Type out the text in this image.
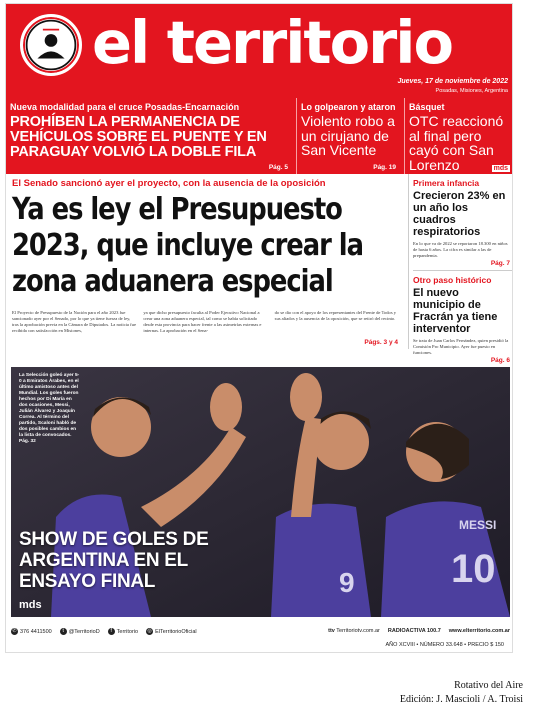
el territorio
Jueves, 17 de noviembre de 2022
Posadas, Misiones, Argentina
Nueva modalidad para el cruce Posadas-Encarnación
PROHÍBEN LA PERMANENCIA DE VEHÍCULOS SOBRE EL PUENTE Y EN PARAGUAY VOLVIÓ LA DOBLE FILA
Pág. 5
Lo golpearon y ataron
Violento robo a un cirujano de San Vicente
Pág. 19
Básquet
OTC reaccionó al final pero cayó con San Lorenzo	mds
El Senado sancionó ayer el proyecto, con la ausencia de la oposición
Ya es ley el Presupuesto 2023, que incluye crear la zona aduanera especial

El Proyecto de Presupuesto de la Nación para el año 2023 fue sancionado ayer por el Senado, por lo que ya tiene fuerza de ley, tras la aprobación previa en la Cámara de Diputados. La noticia fue recibida con satisfacción en Misiones,

ya que dicho presupuesto faculta al Poder Ejecutivo Nacional a crear una zona aduanera especial, tal como se había solicitado desde esta provincia para hacer frente a las asimetrías externas e internas. La aprobación en el Sena-

do se dio con el apoyo de los representantes del Frente de Todos y sus aliados y la ausencia de la oposición, que se retiró del recinto.

Págs. 3 y 4
Primera infancia
Crecieron 23% en un año los cuadros respiratorios
En lo que va de 2022 se reportaron 18.300 en niños de hasta 6 años. La cifra es similar a las de prepandemia.
Pág. 7
Otro paso histórico
El nuevo municipio de Fracrán ya tiene interventor
Se trata de Juan Carlos Fernández, quien presidió la Comisión Pro Municipio. Ayer fue puesto en funciones.
Pág. 6
9
MESSI
10
La Selección goleó ayer 5-0 a Emiratos Árabes, en el último amistoso antes del Mundial. Los goles fueron hechos por Di María en dos ocasiones, Messi, Julián Álvarez y Joaquín Correa. Al término del partido, Scaloni habló de dos posibles cambios en la lista de convocados. Pág. 32
SHOW DE GOLES DE ARGENTINA EN EL ENSAYO FINAL
mds
✆ 376 4411500	t @TerritorioD	f Territorio ◎ ElTerritorioOficial	ttv Territoriotv.com.ar RADIOACTIVA 100.7 www.elterritorio.com.ar
AÑO XCVIII • NÚMERO 33.648 • PRECIO $ 150
Rotativo del Aire
Edición: J. Mascioli / A. Troisi
